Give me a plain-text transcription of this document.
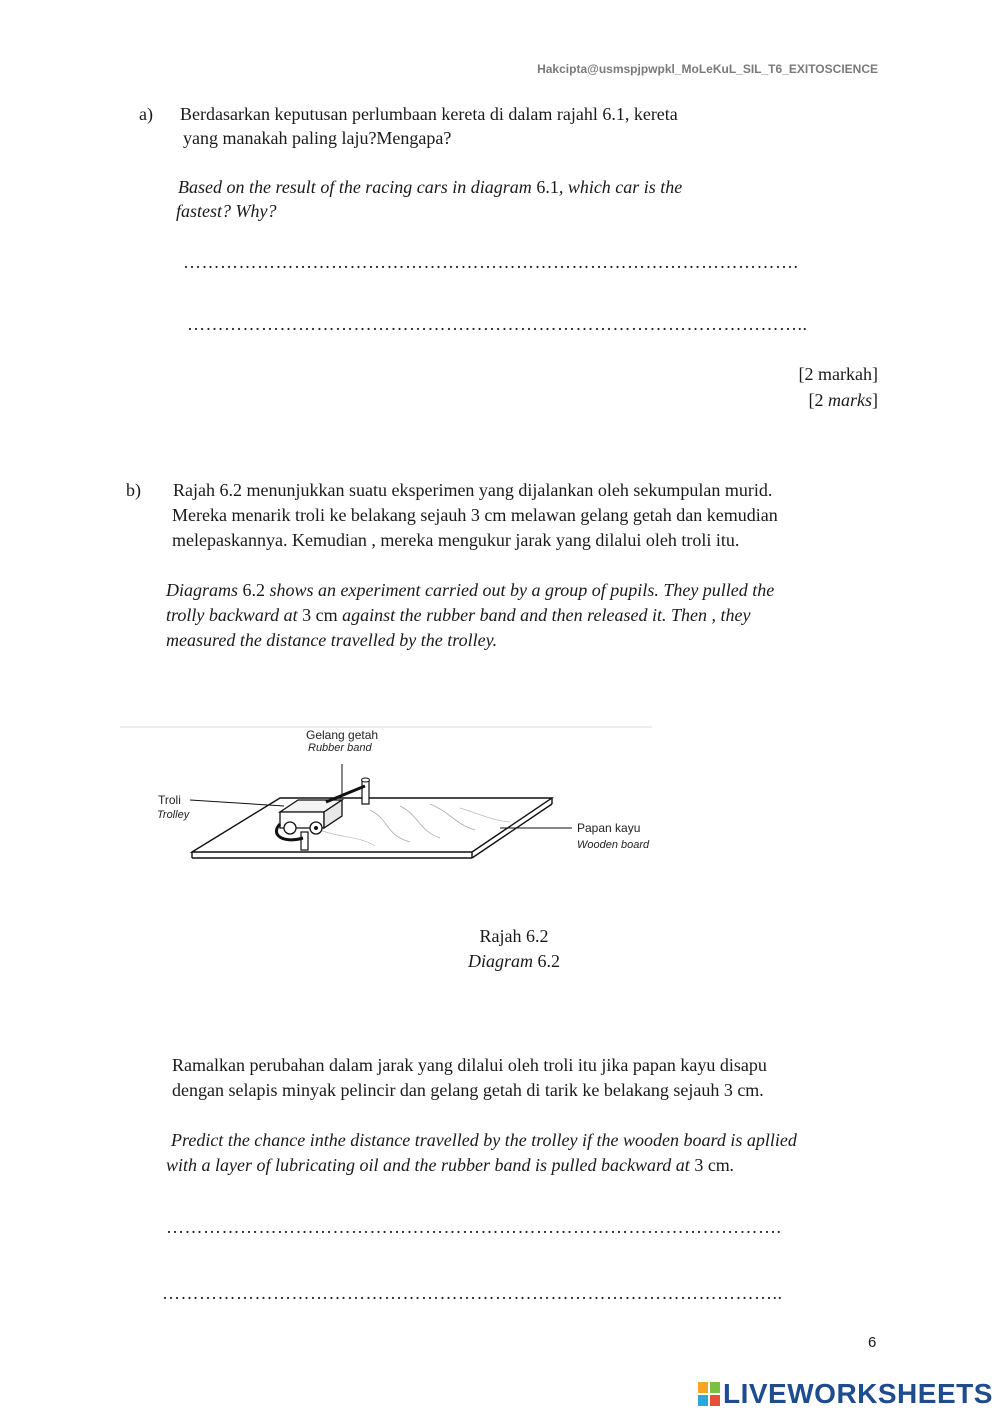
Hakcipta@usmspjpwpkl_MoLeKuL_SIL_T6_EXITOSCIENCE
a) Berdasarkan keputusan perlumbaan kereta di dalam rajahl 6.1, kereta
yang manakah paling laju?Mengapa?
Based on the result of the racing cars in diagram 6.1, which car is the
fastest? Why?
……………………………………………………………………………………….
………………………………………………………………………………………..
[2 markah]
[2 marks]
b) Rajah 6.2 menunjukkan suatu eksperimen yang dijalankan oleh sekumpulan murid.
Mereka menarik troli ke belakang sejauh 3 cm melawan gelang getah dan kemudian
melepaskannya. Kemudian , mereka mengukur jarak yang dilalui oleh troli itu.
Diagrams 6.2 shows an experiment carried out by a group of pupils. They pulled the
trolly backward at 3 cm against the rubber band and then released it. Then , they
measured the distance travelled by the trolley.
Gelang getah
Rubber band
Troli
Trolley
Papan kayu
Wooden board
Rajah 6.2
Diagram 6.2
Ramalkan perubahan dalam jarak yang dilalui oleh troli itu jika papan kayu disapu
dengan selapis minyak pelincir dan gelang getah di tarik ke belakang sejauh 3 cm.
Predict the chance inthe distance travelled by the trolley if the wooden board is apllied
with a layer of lubricating oil and the rubber band is pulled backward at 3 cm.
……………………………………………………………………………………….
………………………………………………………………………………………..
6
LIVEWORKSHEETS
